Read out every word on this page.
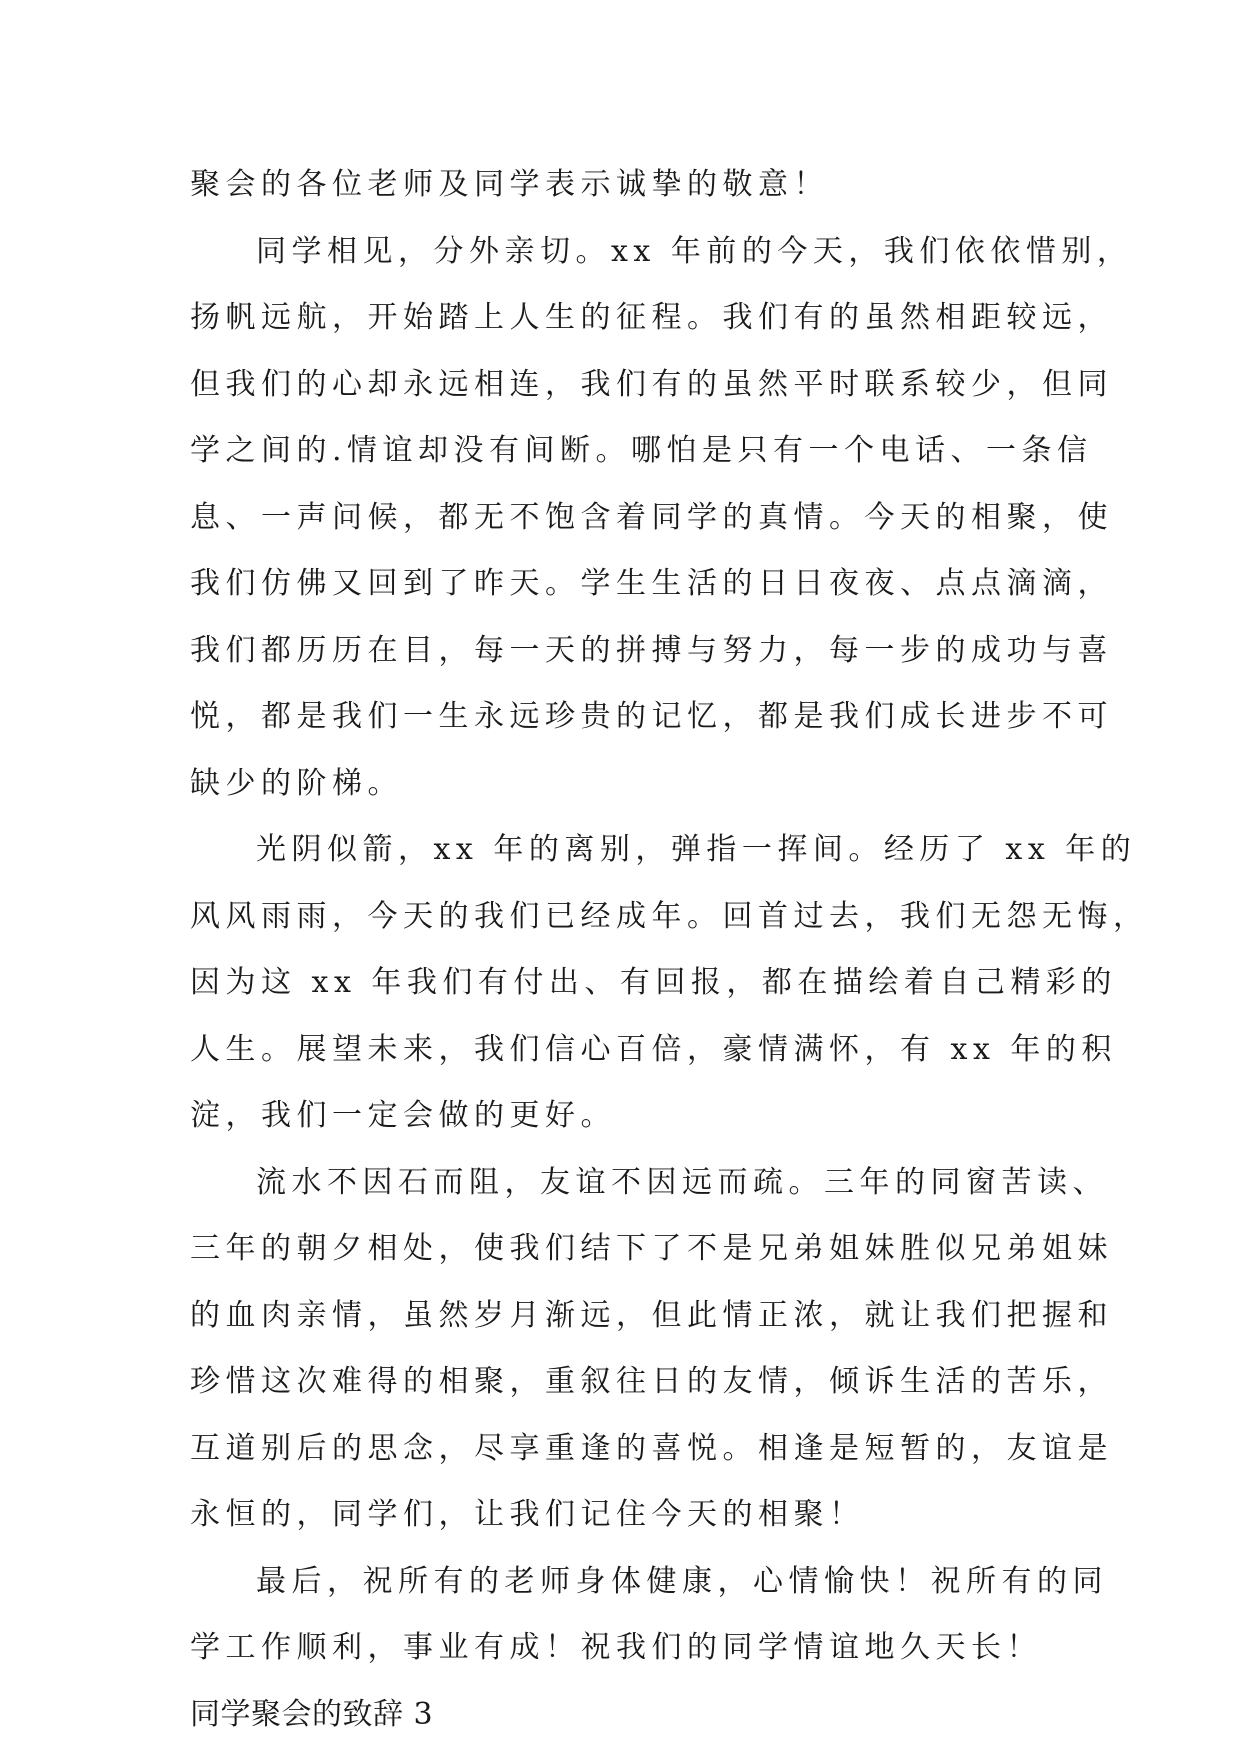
聚会的各位老师及同学表示诚挚的敬意！
同学相见，分外亲切。xx 年前的今天，我们依依惜别，
扬帆远航，开始踏上人生的征程。我们有的虽然相距较远，
但我们的心却永远相连，我们有的虽然平时联系较少，但同
学之间的.情谊却没有间断。哪怕是只有一个电话、一条信
息、一声问候，都无不饱含着同学的真情。今天的相聚，使
我们仿佛又回到了昨天。学生生活的日日夜夜、点点滴滴，
我们都历历在目，每一天的拼搏与努力，每一步的成功与喜
悦，都是我们一生永远珍贵的记忆，都是我们成长进步不可
缺少的阶梯。
光阴似箭，xx 年的离别，弹指一挥间。经历了 xx 年的
风风雨雨，今天的我们已经成年。回首过去，我们无怨无悔，
因为这 xx 年我们有付出、有回报，都在描绘着自己精彩的
人生。展望未来，我们信心百倍，豪情满怀，有 xx 年的积
淀，我们一定会做的更好。
流水不因石而阻，友谊不因远而疏。三年的同窗苦读、
三年的朝夕相处，使我们结下了不是兄弟姐妹胜似兄弟姐妹
的血肉亲情，虽然岁月渐远，但此情正浓，就让我们把握和
珍惜这次难得的相聚，重叙往日的友情，倾诉生活的苦乐，
互道别后的思念，尽享重逢的喜悦。相逢是短暂的，友谊是
永恒的，同学们，让我们记住今天的相聚！
最后，祝所有的老师身体健康，心情愉快！祝所有的同
学工作顺利，事业有成！祝我们的同学情谊地久天长！
同学聚会的致辞 3
